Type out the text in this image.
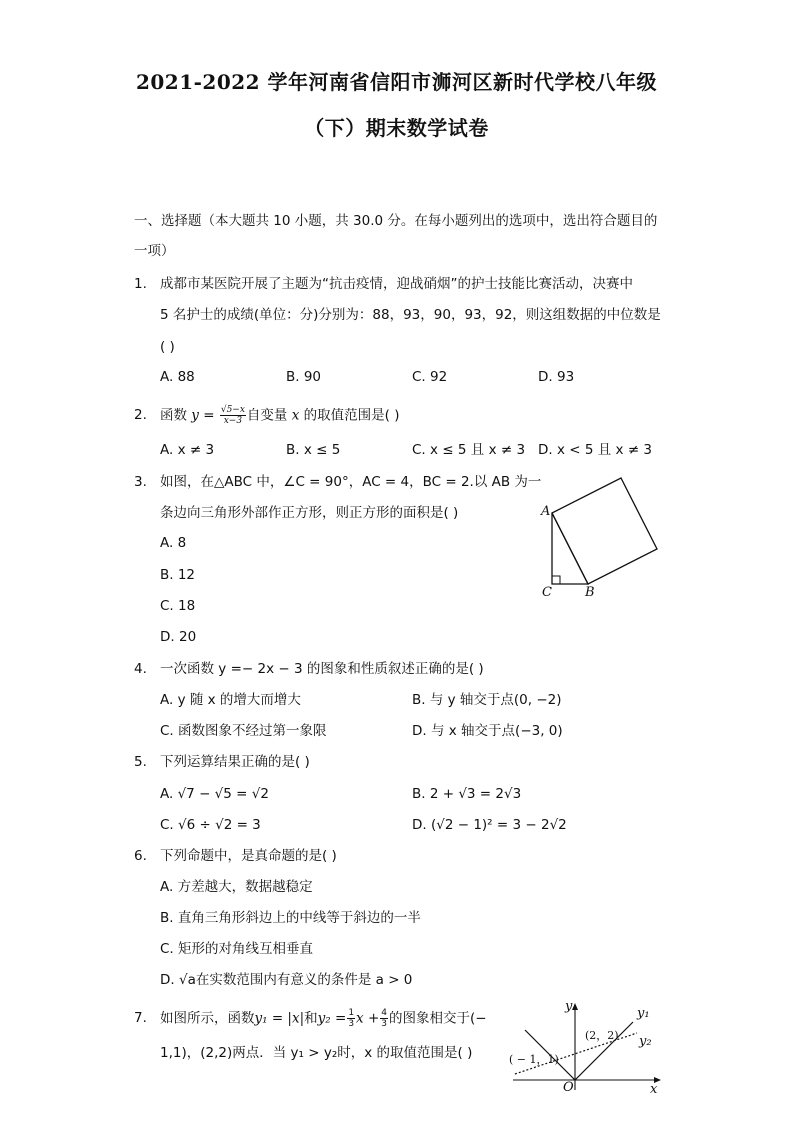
2021-2022 学年河南省信阳市浉河区新时代学校八年级
（下）期末数学试卷
一、选择题（本大题共 10 小题，共 30.0 分。在每小题列出的选项中，选出符合题目的
一项）
1. 成都市某医院开展了主题为“抗击疫情，迎战硝烟”的护士技能比赛活动，决赛中
5 名护士的成绩(单位：分)分别为：88，93，90，93，92，则这组数据的中位数是
( )
A. 88	B. 90	C. 92	D. 93
2. 函数 $y = \frac{√5-x}{x-3}$ 自变量 x 的取值范围是( )
A. x ≠ 3	B. x ≤ 5	C. x ≤ 5 且 x ≠ 3 D. x < 5 且 x ≠ 3
3. 如图，在△ABC 中，∠C = 90°，AC = 4，BC = 2.以 AB 为一
条边向三角形外部作正方形，则正方形的面积是( )
A. 8
B. 12
C. 18
D. 20
A
C	B
4. 一次函数 y =− 2x − 3 的图象和性质叙述正确的是( )
A. y 随 x 的增大而增大	B. 与 y 轴交于点(0, −2)
C. 函数图象不经过第一象限	D. 与 x 轴交于点(−3, 0)
5. 下列运算结果正确的是( )
A. √7 − √5 = √2	B. 2 + √3 = 2√3
C. √6 ÷ √2 = 3	D. (√2 − 1)² = 3 − 2√2
6. 下列命题中，是真命题的是( )
A. 方差越大，数据越稳定
B. 直角三角形斜边上的中线等于斜边的一半
C. 矩形的对角线互相垂直
D. √a在实数范围内有意义的条件是 a > 0
7. 如图所示，函数y₁ = |x|和$y_2 = \frac{1}{3}$ $x + \frac{4}{3}$ 的图象相交于(−
1,1)，(2,2)两点．当 y₁ > y₂时，x 的取值范围是( )
y
x
O
y₁
y₂
( − 1，1)
(2，2)
